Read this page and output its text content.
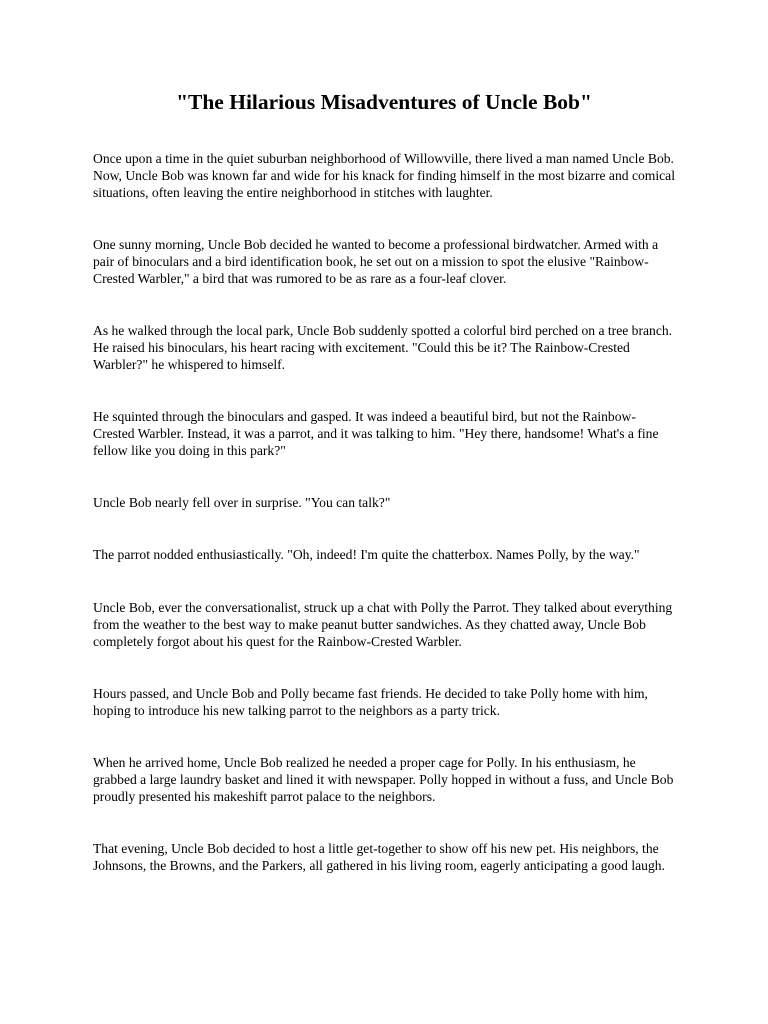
"The Hilarious Misadventures of Uncle Bob"

Once upon a time in the quiet suburban neighborhood of Willowville, there lived a man named Uncle Bob. Now, Uncle Bob was known far and wide for his knack for finding himself in the most bizarre and comical situations, often leaving the entire neighborhood in stitches with laughter.

One sunny morning, Uncle Bob decided he wanted to become a professional birdwatcher. Armed with a pair of binoculars and a bird identification book, he set out on a mission to spot the elusive "Rainbow-Crested Warbler," a bird that was rumored to be as rare as a four-leaf clover.

As he walked through the local park, Uncle Bob suddenly spotted a colorful bird perched on a tree branch. He raised his binoculars, his heart racing with excitement. "Could this be it? The Rainbow-Crested Warbler?" he whispered to himself.

He squinted through the binoculars and gasped. It was indeed a beautiful bird, but not the Rainbow-Crested Warbler. Instead, it was a parrot, and it was talking to him. "Hey there, handsome! What's a fine fellow like you doing in this park?"

Uncle Bob nearly fell over in surprise. "You can talk?"

The parrot nodded enthusiastically. "Oh, indeed! I'm quite the chatterbox. Names Polly, by the way."

Uncle Bob, ever the conversationalist, struck up a chat with Polly the Parrot. They talked about everything from the weather to the best way to make peanut butter sandwiches. As they chatted away, Uncle Bob completely forgot about his quest for the Rainbow-Crested Warbler.

Hours passed, and Uncle Bob and Polly became fast friends. He decided to take Polly home with him, hoping to introduce his new talking parrot to the neighbors as a party trick.

When he arrived home, Uncle Bob realized he needed a proper cage for Polly. In his enthusiasm, he grabbed a large laundry basket and lined it with newspaper. Polly hopped in without a fuss, and Uncle Bob proudly presented his makeshift parrot palace to the neighbors.

That evening, Uncle Bob decided to host a little get-together to show off his new pet. His neighbors, the Johnsons, the Browns, and the Parkers, all gathered in his living room, eagerly anticipating a good laugh.
